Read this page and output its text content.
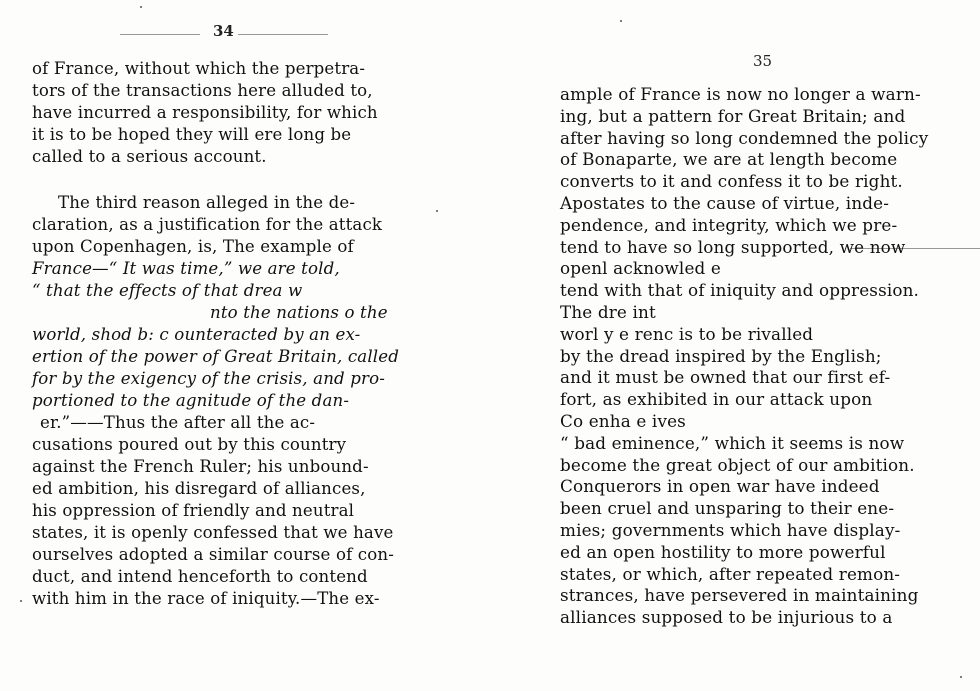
34
of France, without which the perpetra-
tors of the transactions here alluded to,
have incurred a responsibility, for which
it is to be hoped they will ere long be
called to a serious account.
The third reason alleged in the de-
claration, as a justification for the attack
upon Copenhagen, is, The example of
France—“ It was time,” we are told,
“ that the effects of that drea w
nto the nations o the
world, shod b: c ounteracted by an ex-
ertion of the power of Great Britain, called
for by the exigency of the crisis, and pro-
portioned to the agnitude of the dan-
er.”——Thus the after all the ac-
cusations poured out by this country
against the French Ruler; his unbound-
ed ambition, his disregard of alliances,
his oppression of friendly and neutral
states, it is openly confessed that we have
ourselves adopted a similar course of con-
duct, and intend henceforth to contend
with him in the race of iniquity.—The ex-
35
ample of France is now no longer a warn-
ing, but a pattern for Great Britain; and
after having so long condemned the policy
of Bonaparte, we are at length become
converts to it and confess it to be right.
Apostates to the cause of virtue, inde-
pendence, and integrity, which we pre-
tend to have so long supported, we now
openl acknowled e
tend with that of iniquity and oppression.
The dre int
worl y e renc is to be rivalled
by the dread inspired by the English;
and it must be owned that our first ef-
fort, as exhibited in our attack upon
Co enha e ives
“ bad eminence,” which it seems is now
become the great object of our ambition.
Conquerors in open war have indeed
been cruel and unsparing to their ene-
mies; governments which have display-
ed an open hostility to more powerful
states, or which, after repeated remon-
strances, have persevered in maintaining
alliances supposed to be injurious to a
